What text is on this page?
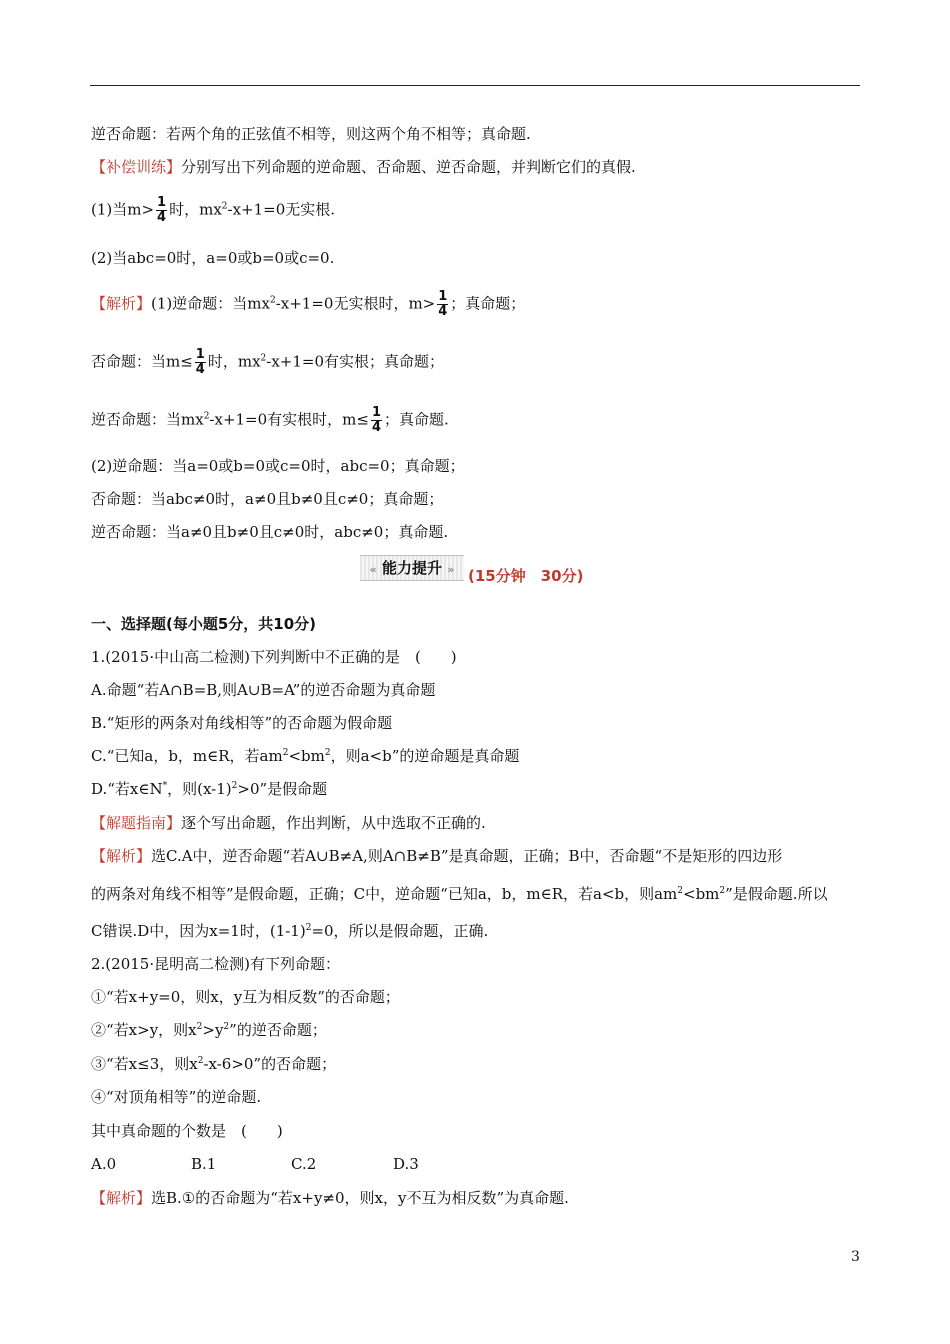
逆否命题：若两个角的正弦值不相等，则这两个角不相等；真命题.
【补偿训练】分别写出下列命题的逆命题、否命题、逆否命题，并判断它们的真假.
(1)当$m> \frac{1}{4}$ 时，$mx^2-x+1=0$无实根.
(2)当abc=0时，a=0或b=0或c=0.
【解析】(1)逆命题：当$mx^2-x+1=0$无实根时，$m> \frac{1}{4}$ ；真命题；
否命题：当$m\le \frac{1}{4}$ 时，$mx^2-x+1=0$有实根；真命题；
逆否命题：当$mx^2-x+1=0$有实根时，$m\le \frac{1}{4}$ ；真命题.
(2)逆命题：当a=0或b=0或c=0时，abc=0；真命题；
否命题：当abc≠0时，a≠0且b≠0且c≠0；真命题；
逆否命题：当a≠0且b≠0且c≠0时，abc≠0；真命题.
« 能力提升 » (15分钟　30分)
一、选择题(每小题5分，共10分)
1.(2015·中山高二检测)下列判断中不正确的是　(　　)
A.命题“若A∩B=B,则A∪B=A”的逆否命题为真命题
B.“矩形的两条对角线相等”的否命题为假命题
C.“已知a，b，m∈R，若$am^2<bm^2$，则a<b”的逆命题是真命题
D.“若x∈N*，则$(x-1)^2>0$”是假命题
【解题指南】逐个写出命题，作出判断，从中选取不正确的.
【解析】选C.A中，逆否命题“若A∪B≠A,则A∩B≠B”是真命题，正确；B中，否命题“不是矩形的四边形
的两条对角线不相等”是假命题，正确；C中，逆命题“已知a，b，m∈R，若a<b，则$am^2<bm^2$”是假命题.所以
C错误.D中，因为x=1时，$(1-1)^2=0$，所以是假命题，正确.
2.(2015·昆明高二检测)有下列命题：
①“若x+y=0，则x，y互为相反数”的否命题；
②“若x>y，则$x^2>y^2$”的逆否命题；
③“若x≤3，则$x^2-x-6>0$”的否命题；
④“对顶角相等”的逆命题.
其中真命题的个数是　(　　)
A.0	B.1	C.2	D.3
【解析】选B.①的否命题为“若x+y≠0，则x，y不互为相反数”为真命题.
3
